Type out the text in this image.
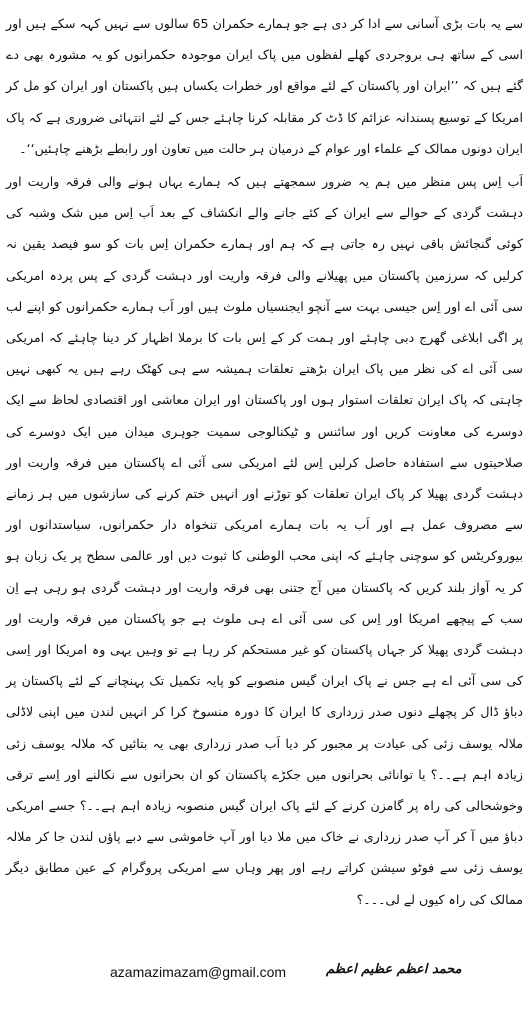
سے یہ بات بڑی آسانی سے ادا کر دی ہے جو ہمارے حکمران 65 سالوں سے نہیں کہہ سکے ہیں اور اسی کے ساتھ ہی بروجردی کھلے لفظوں میں پاک ایران موجودہ حکمرانوں کو یہ مشورہ بھی دے گئے ہیں کہ ’’ایران اور پاکستان کے لئے مواقع اور خطرات یکساں ہیں پاکستان اور ایران کو مل کر امریکا کے توسیع پسندانہ عزائم کا ڈٹ کر مقابلہ کرنا چاہئے جس کے لئے انتہائی ضروری ہے کہ پاک ایران دونوں ممالک کے علماء اور عوام کے درمیان ہر حالت میں تعاون اور رابطے بڑھنے چاہئیں‘‘۔

اَب اِس پس منظر میں ہم یہ ضرور سمجھتے ہیں کہ ہمارے یہاں ہونے والی فرقہ واریت اور دہشت گردی کے حوالے سے ایران کے کئے جانے والے انکشاف کے بعد اَب اِس میں شک وشبہ کی کوئی گنجائش باقی نہیں رہ جاتی ہے کہ ہم اور ہمارے حکمران اِس بات کو سو فیصد یقین نہ کرلیں کہ سرزمین پاکستان میں پھیلانے والی فرقہ واریت اور دہشت گردی کے پس پردہ امریکی سی آئی اے اور اِس جیسی بہت سے آنچو ایجنسیاں ملوث ہیں اور اَب ہمارے حکمرانوں کو اپنے لب پر اگی ابلاغی گھرج دبی چاہئے اور ہمت کر کے اِس بات کا برملا اظہار کر دینا چاہئے کہ امریکی سی آئی اے کی نظر میں پاک ایران بڑھتے تعلقات ہمیشہ سے ہی کھٹک رہے ہیں یہ کبھی نہیں چاہتی کہ پاک ایران تعلقات استوار ہوں اور پاکستان اور ایران معاشی اور اقتصادی لحاظ سے ایک دوسرے کی معاونت کریں اور سائنس و ٹیکنالوجی سمیت جوہری میدان میں ایک دوسرے کی صلاحیتوں سے استفادہ حاصل کرلیں اِس لئے امریکی سی آئی اے پاکستان میں فرقہ واریت اور دہشت گردی پھیلا کر پاک ایران تعلقات کو توڑنے اور انہیں ختم کرنے کی سازشوں میں ہر زمانے سے مصروف عمل ہے اور اَب یہ بات ہمارے امریکی تنخواہ دار حکمرانوں، سیاستدانوں اور بیوروکریٹس کو سوچنی چاہئے کہ اپنی محب الوطنی کا ثبوت دیں اور عالمی سطح پر یک زبان ہو کر یہ آواز بلند کریں کہ پاکستان میں آج جتنی بھی فرقہ واریت اور دہشت گردی ہو رہی ہے اِن سب کے پیچھے امریکا اور اِس کی سی آئی اے ہی ملوث ہے جو پاکستان میں فرقہ واریت اور دہشت گردی پھیلا کر جہاں پاکستان کو غیر مستحکم کر رہا ہے تو وہیں یہی وہ امریکا اور اِسی کی سی آئی اے ہے جس نے پاک ایران گیس منصوبے کو پایہ تکمیل تک پہنچانے کے لئے پاکستان پر دباؤ ڈال کر پچھلے دنوں صدر زرداری کا ایران کا دورہ منسوخ کرا کر انہیں لندن میں اپنی لاڈلی ملالہ یوسف زئی کی عیادت پر مجبور کر دیا اَب صدر زرداری بھی یہ بتائیں کہ ملالہ یوسف زئی زیادہ اہم ہے۔۔؟ یا توانائی بحرانوں میں جکڑے پاکستان کو ان بحرانوں سے نکالنے اور اِسے ترقی وخوشحالی کی راہ پر گامزن کرنے کے لئے پاک ایران گیس منصوبہ زیادہ اہم ہے۔۔؟ جسے امریکی دباؤ میں آ کر آپ صدر زرداری نے خاک میں ملا دیا اور آپ خاموشی سے دبے پاؤں لندن جا کر ملالہ یوسف زئی سے فوٹو سیشن کراتے رہے اور پھر وہاں سے امریکی پروگرام کے عین مطابق دیگر ممالک کی راہ کیوں لے لی۔۔۔؟

azamazimazam@gmail.com	محمد اعظم عظیم اعظم
